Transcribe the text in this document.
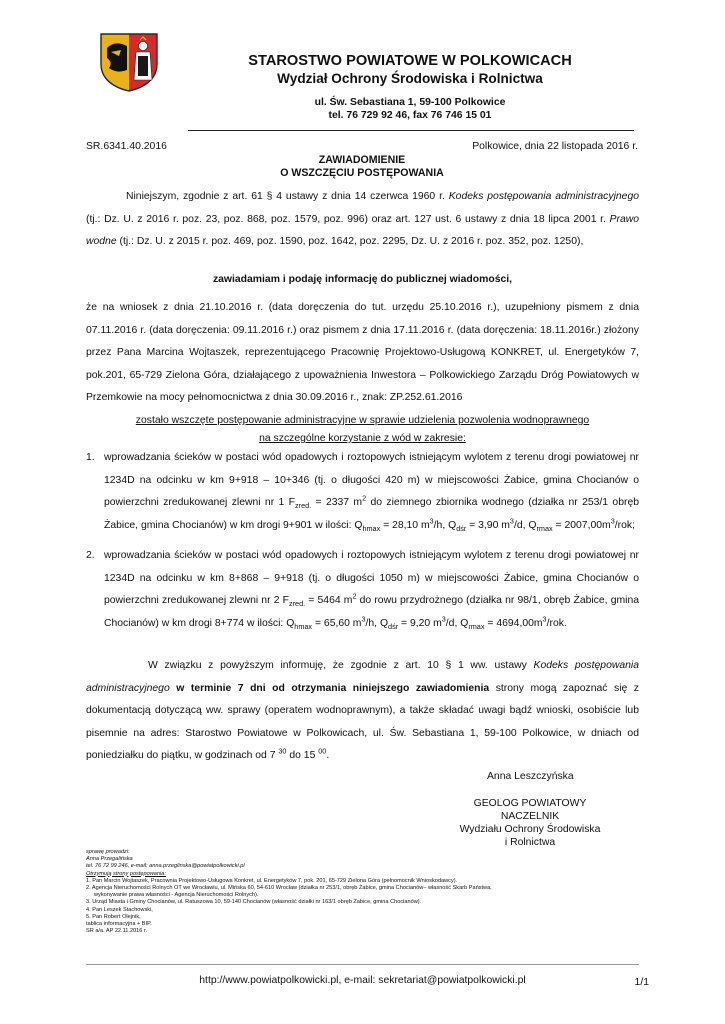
STAROSTWO POWIATOWE W POLKOWICACH
Wydział Ochrony Środowiska i Rolnictwa
ul. Św. Sebastiana 1, 59-100 Polkowice
tel. 76 729 92 46, fax 76 746 15 01
SR.6341.40.2016	Polkowice, dnia 22 listopada 2016 r.
ZAWIADOMIENIE
O WSZCZĘCIU POSTĘPOWANIA
Niniejszym, zgodnie z art. 61 § 4 ustawy z dnia 14 czerwca 1960 r. Kodeks postępowania administracyjnego (tj.: Dz. U. z 2016 r. poz. 23, poz. 868, poz. 1579, poz. 996) oraz art. 127 ust. 6 ustawy z dnia 18 lipca 2001 r. Prawo wodne (tj.: Dz. U. z 2015 r. poz. 469, poz. 1590, poz. 1642, poz. 2295, Dz. U. z 2016 r. poz. 352, poz. 1250),
zawiadamiam i podaję informację do publicznej wiadomości,
że na wniosek z dnia 21.10.2016 r. (data doręczenia do tut. urzędu 25.10.2016 r.), uzupełniony pismem z dnia 07.11.2016 r. (data doręczenia: 09.11.2016 r.) oraz pismem z dnia 17.11.2016 r. (data doręczenia: 18.11.2016r.) złożony przez Pana Marcina Wojtaszek, reprezentującego Pracownię Projektowo-Usługową KONKRET, ul. Energetyków 7, pok.201, 65-729 Zielona Góra, działającego z upoważnienia Inwestora – Polkowickiego Zarządu Dróg Powiatowych w Przemkowie na mocy pełnomocnictwa z dnia 30.09.2016 r., znak: ZP.252.61.2016
zostało wszczęte postępowanie administracyjne w sprawie udzielenia pozwolenia wodnoprawnego
na szczególne korzystanie z wód w zakresie:
1. wprowadzania ścieków w postaci wód opadowych i roztopowych istniejącym wylotem z terenu drogi powiatowej nr 1234D na odcinku w km 9+918 – 10+346 (tj. o długości 420 m) w miejscowości Żabice, gmina Chocianów o powierzchni zredukowanej zlewni nr 1 $F_{zred.} = 2337$ $m^2$ do ziemnego zbiornika wodnego (działka nr 253/1 obręb Żabice, gmina Chocianów) w km drogi 9+901 w ilości: $Q_{hmax} = 28,10$ $m^3/h$, $Q_{dśr} = 3,90$ $m^3/d$, $Q_{rmax} = 2007,00m^3/rok$;
2. wprowadzania ścieków w postaci wód opadowych i roztopowych istniejącym wylotem z terenu drogi powiatowej nr 1234D na odcinku w km 8+868 – 9+918 (tj. o długości 1050 m) w miejscowości Żabice, gmina Chocianów o powierzchni zredukowanej zlewni nr 2 $F_{zred.} = 5464$ $m^2$ do rowu przydrożnego (działka nr 98/1, obręb Żabice, gmina Chocianów) w km drogi 8+774 w ilości: $Q_{hmax} = 65,60$ $m^3/h$, $Q_{dśr} = 9,20$ $m^3/d$, $Q_{rmax} = 4694,00m^3/rok$.
W związku z powyższym informuję, że zgodnie z art. 10 § 1 ww. ustawy Kodeks postępowania administracyjnego w terminie 7 dni od otrzymania niniejszego zawiadomienia strony mogą zapoznać się z dokumentacją dotyczącą ww. sprawy (operatem wodnoprawnym), a także składać uwagi bądź wnioski, osobiście lub pisemnie na adres: Starostwo Powiatowe w Polkowicach, ul. Św. Sebastiana 1, 59-100 Polkowice, w dniach od poniedziałku do piątku, w godzinach od 7 $^{30}$ do 15 $^{00}$.
Anna Leszczyńska
GEOLOG POWIATOWY
NACZELNIK
Wydziału Ochrony Środowiska
i Rolnictwa
sprawę prowadzi:
Anna Przegalińska
tel. 76 72 99 246, e-mail: anna.przeglinska@powiatpolkowicki.pl
Otrzymują strony postępowania:
1. Pan Marcin Wojtaszek, Pracownia Projektowo-Usługowa Konkret, ul. Energetyków 7, pok. 201, 65-729 Zielona Góra (pełnomocnik Wnioskodawcy).
2. Agencja Nieruchomości Rolnych OT we Wrocławiu, ul. Mińska 60, 54-610 Wrocław (działka nr 253/1, obręb Żabice, gmina Chocianów– własność Skarb Państwa,
wykonywanie prawa własności - Agencja Nieruchomości Rolnych).
3. Urząd Miasta i Gminy Chocianów, ul. Ratuszowa 10, 59-140 Chocianów (własność działki nr 163/1 obręb Żabice, gmina Chocianów).
4. Pan Leszek Stachowski,
5. Pan Robert Olejnik,
tablica informacyjna + BIP.
SR a/a. AP 22.11.2016 r.
http://www.powiatpolkowicki.pl, e-mail: sekretariat@powiatpolkowicki.pl	1/1
